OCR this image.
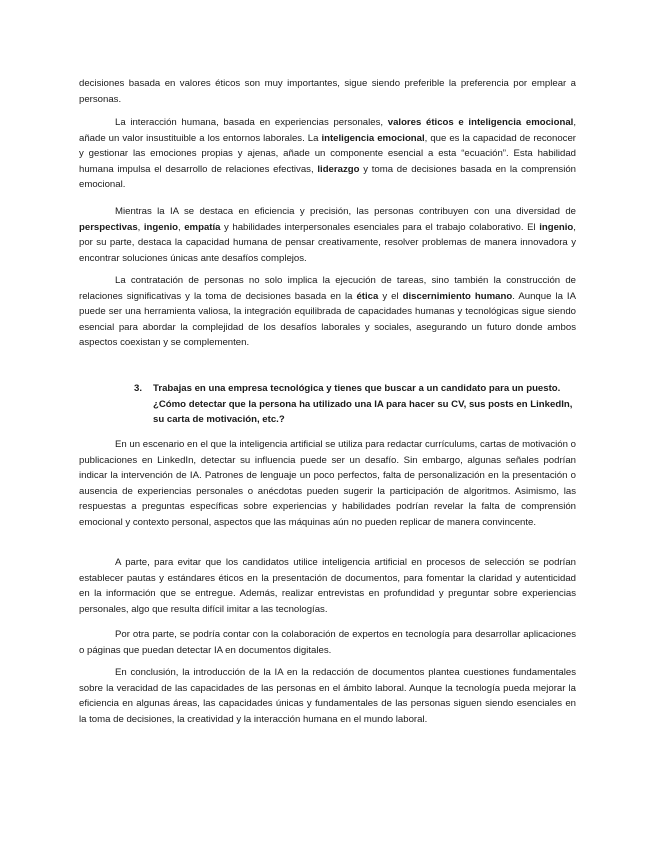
decisiones basada en valores éticos son muy importantes, sigue siendo preferible la preferencia por emplear a personas.

La interacción humana, basada en experiencias personales, valores éticos e inteligencia emocional, añade un valor insustituible a los entornos laborales. La inteligencia emocional, que es la capacidad de reconocer y gestionar las emociones propias y ajenas, añade un componente esencial a esta “ecuación”. Esta habilidad humana impulsa el desarrollo de relaciones efectivas, liderazgo y toma de decisiones basada en la comprensión emocional.

Mientras la IA se destaca en eficiencia y precisión, las personas contribuyen con una diversidad de perspectivas, ingenio, empatía y habilidades interpersonales esenciales para el trabajo colaborativo. El ingenio, por su parte, destaca la capacidad humana de pensar creativamente, resolver problemas de manera innovadora y encontrar soluciones únicas ante desafíos complejos.

La contratación de personas no solo implica la ejecución de tareas, sino también la construcción de relaciones significativas y la toma de decisiones basada en la ética y el discernimiento humano. Aunque la IA puede ser una herramienta valiosa, la integración equilibrada de capacidades humanas y tecnológicas sigue siendo esencial para abordar la complejidad de los desafíos laborales y sociales, asegurando un futuro donde ambos aspectos coexistan y se complementen.

3. Trabajas en una empresa tecnológica y tienes que buscar a un candidato para un puesto. ¿Cómo detectar que la persona ha utilizado una IA para hacer su CV, sus posts en LinkedIn, su carta de motivación, etc.?

En un escenario en el que la inteligencia artificial se utiliza para redactar currículums, cartas de motivación o publicaciones en LinkedIn, detectar su influencia puede ser un desafío. Sin embargo, algunas señales podrían indicar la intervención de IA. Patrones de lenguaje un poco perfectos, falta de personalización en la presentación o ausencia de experiencias personales o anécdotas pueden sugerir la participación de algoritmos. Asimismo, las respuestas a preguntas específicas sobre experiencias y habilidades podrían revelar la falta de comprensión emocional y contexto personal, aspectos que las máquinas aún no pueden replicar de manera convincente.

A parte, para evitar que los candidatos utilice inteligencia artificial en procesos de selección se podrían establecer pautas y estándares éticos en la presentación de documentos, para fomentar la claridad y autenticidad en la información que se entregue. Además, realizar entrevistas en profundidad y preguntar sobre experiencias personales, algo que resulta difícil imitar a las tecnologías.

Por otra parte, se podría contar con la colaboración de expertos en tecnología para desarrollar aplicaciones o páginas que puedan detectar IA en documentos digitales.

En conclusión, la introducción de la IA en la redacción de documentos plantea cuestiones fundamentales sobre la veracidad de las capacidades de las personas en el ámbito laboral. Aunque la tecnología pueda mejorar la eficiencia en algunas áreas, las capacidades únicas y fundamentales de las personas siguen siendo esenciales en la toma de decisiones, la creatividad y la interacción humana en el mundo laboral.
